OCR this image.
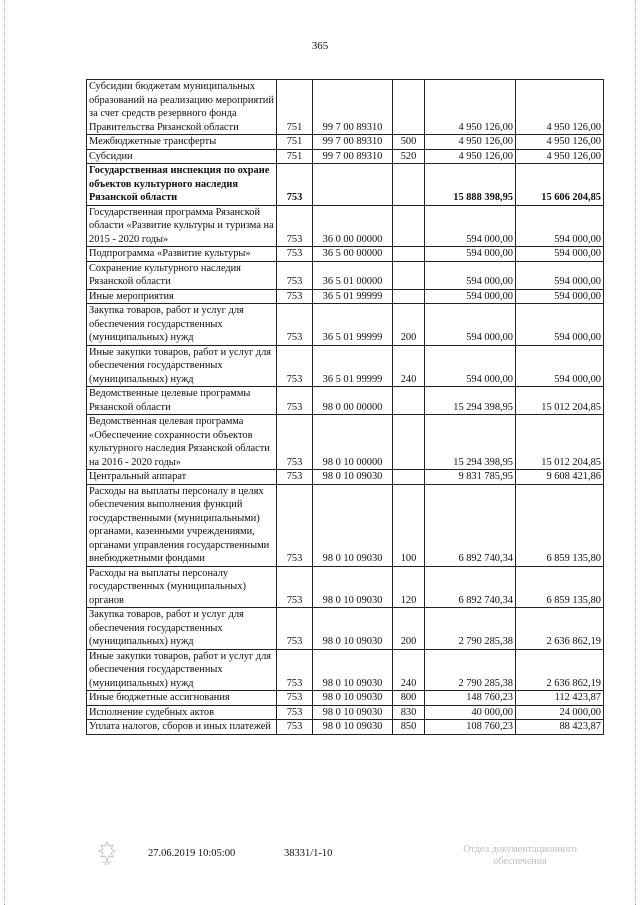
365
Субсидии бюджетам муниципальных образований на реализацию мероприятий за счет средств резервного фонда Правительства Рязанской области	751	99 7 00 89310		4 950 126,00	4 950 126,00
Межбюджетные трансферты	751	99 7 00 89310	500	4 950 126,00	4 950 126,00
Субсидии	751	99 7 00 89310	520	4 950 126,00	4 950 126,00
Государственная инспекция по охране объектов культурного наследия Рязанской области	753			15 888 398,95	15 606 204,85
Государственная программа Рязанской области «Развитие культуры и туризма на 2015 - 2020 годы»	753	36 0 00 00000		594 000,00	594 000,00
Подпрограмма «Развитие культуры»	753	36 5 00 00000		594 000,00	594 000,00
Сохранение культурного наследия Рязанской области	753	36 5 01 00000		594 000,00	594 000,00
Иные мероприятия	753	36 5 01 99999		594 000,00	594 000,00
Закупка товаров, работ и услуг для обеспечения государственных (муниципальных) нужд	753	36 5 01 99999	200	594 000,00	594 000,00
Иные закупки товаров, работ и услуг для обеспечения государственных (муниципальных) нужд	753	36 5 01 99999	240	594 000,00	594 000,00
Ведомственные целевые программы Рязанской области	753	98 0 00 00000		15 294 398,95	15 012 204,85
Ведомственная целевая программа «Обеспечение сохранности объектов культурного наследия Рязанской области на 2016 - 2020 годы»	753	98 0 10 00000		15 294 398,95	15 012 204,85
Центральный аппарат	753	98 0 10 09030		9 831 785,95	9 608 421,86
Расходы на выплаты персоналу в целях обеспечения выполнения функций государственными (муниципальными) органами, казенными учреждениями, органами управления государственными внебюджетными фондами	753	98 0 10 09030	100	6 892 740,34	6 859 135,80
Расходы на выплаты персоналу государственных (муниципальных) органов	753	98 0 10 09030	120	6 892 740,34	6 859 135,80
Закупка товаров, работ и услуг для обеспечения государственных (муниципальных) нужд	753	98 0 10 09030	200	2 790 285,38	2 636 862,19
Иные закупки товаров, работ и услуг для обеспечения государственных (муниципальных) нужд	753	98 0 10 09030	240	2 790 285,38	2 636 862,19
Иные бюджетные ассигнования	753	98 0 10 09030	800	148 760,23	112 423,87
Исполнение судебных актов	753	98 0 10 09030	830	40 000,00	24 000,00
Уплата налогов, сборов и иных платежей	753	98 0 10 09030	850	108 760,23	88 423,87
27.06.2019 10:05:00	38331/1-10	Отдел документационного обеспечения
